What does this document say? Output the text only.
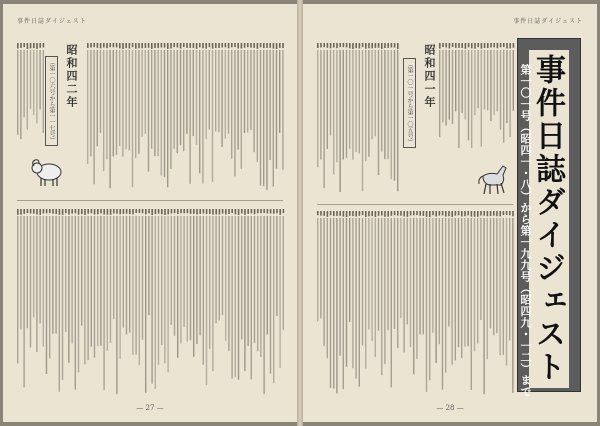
事件日誌ダイジェスト
昭和四二年
（第一〇六号から第一一七号）
— 27 —
事件日誌ダイジェスト
昭和四一年
（第一〇一号から第一〇五号）	事件日誌ダイジェスト
第一〇一号（昭四一・八）から第一九九号（昭四九・一二）まで
— 28 —
